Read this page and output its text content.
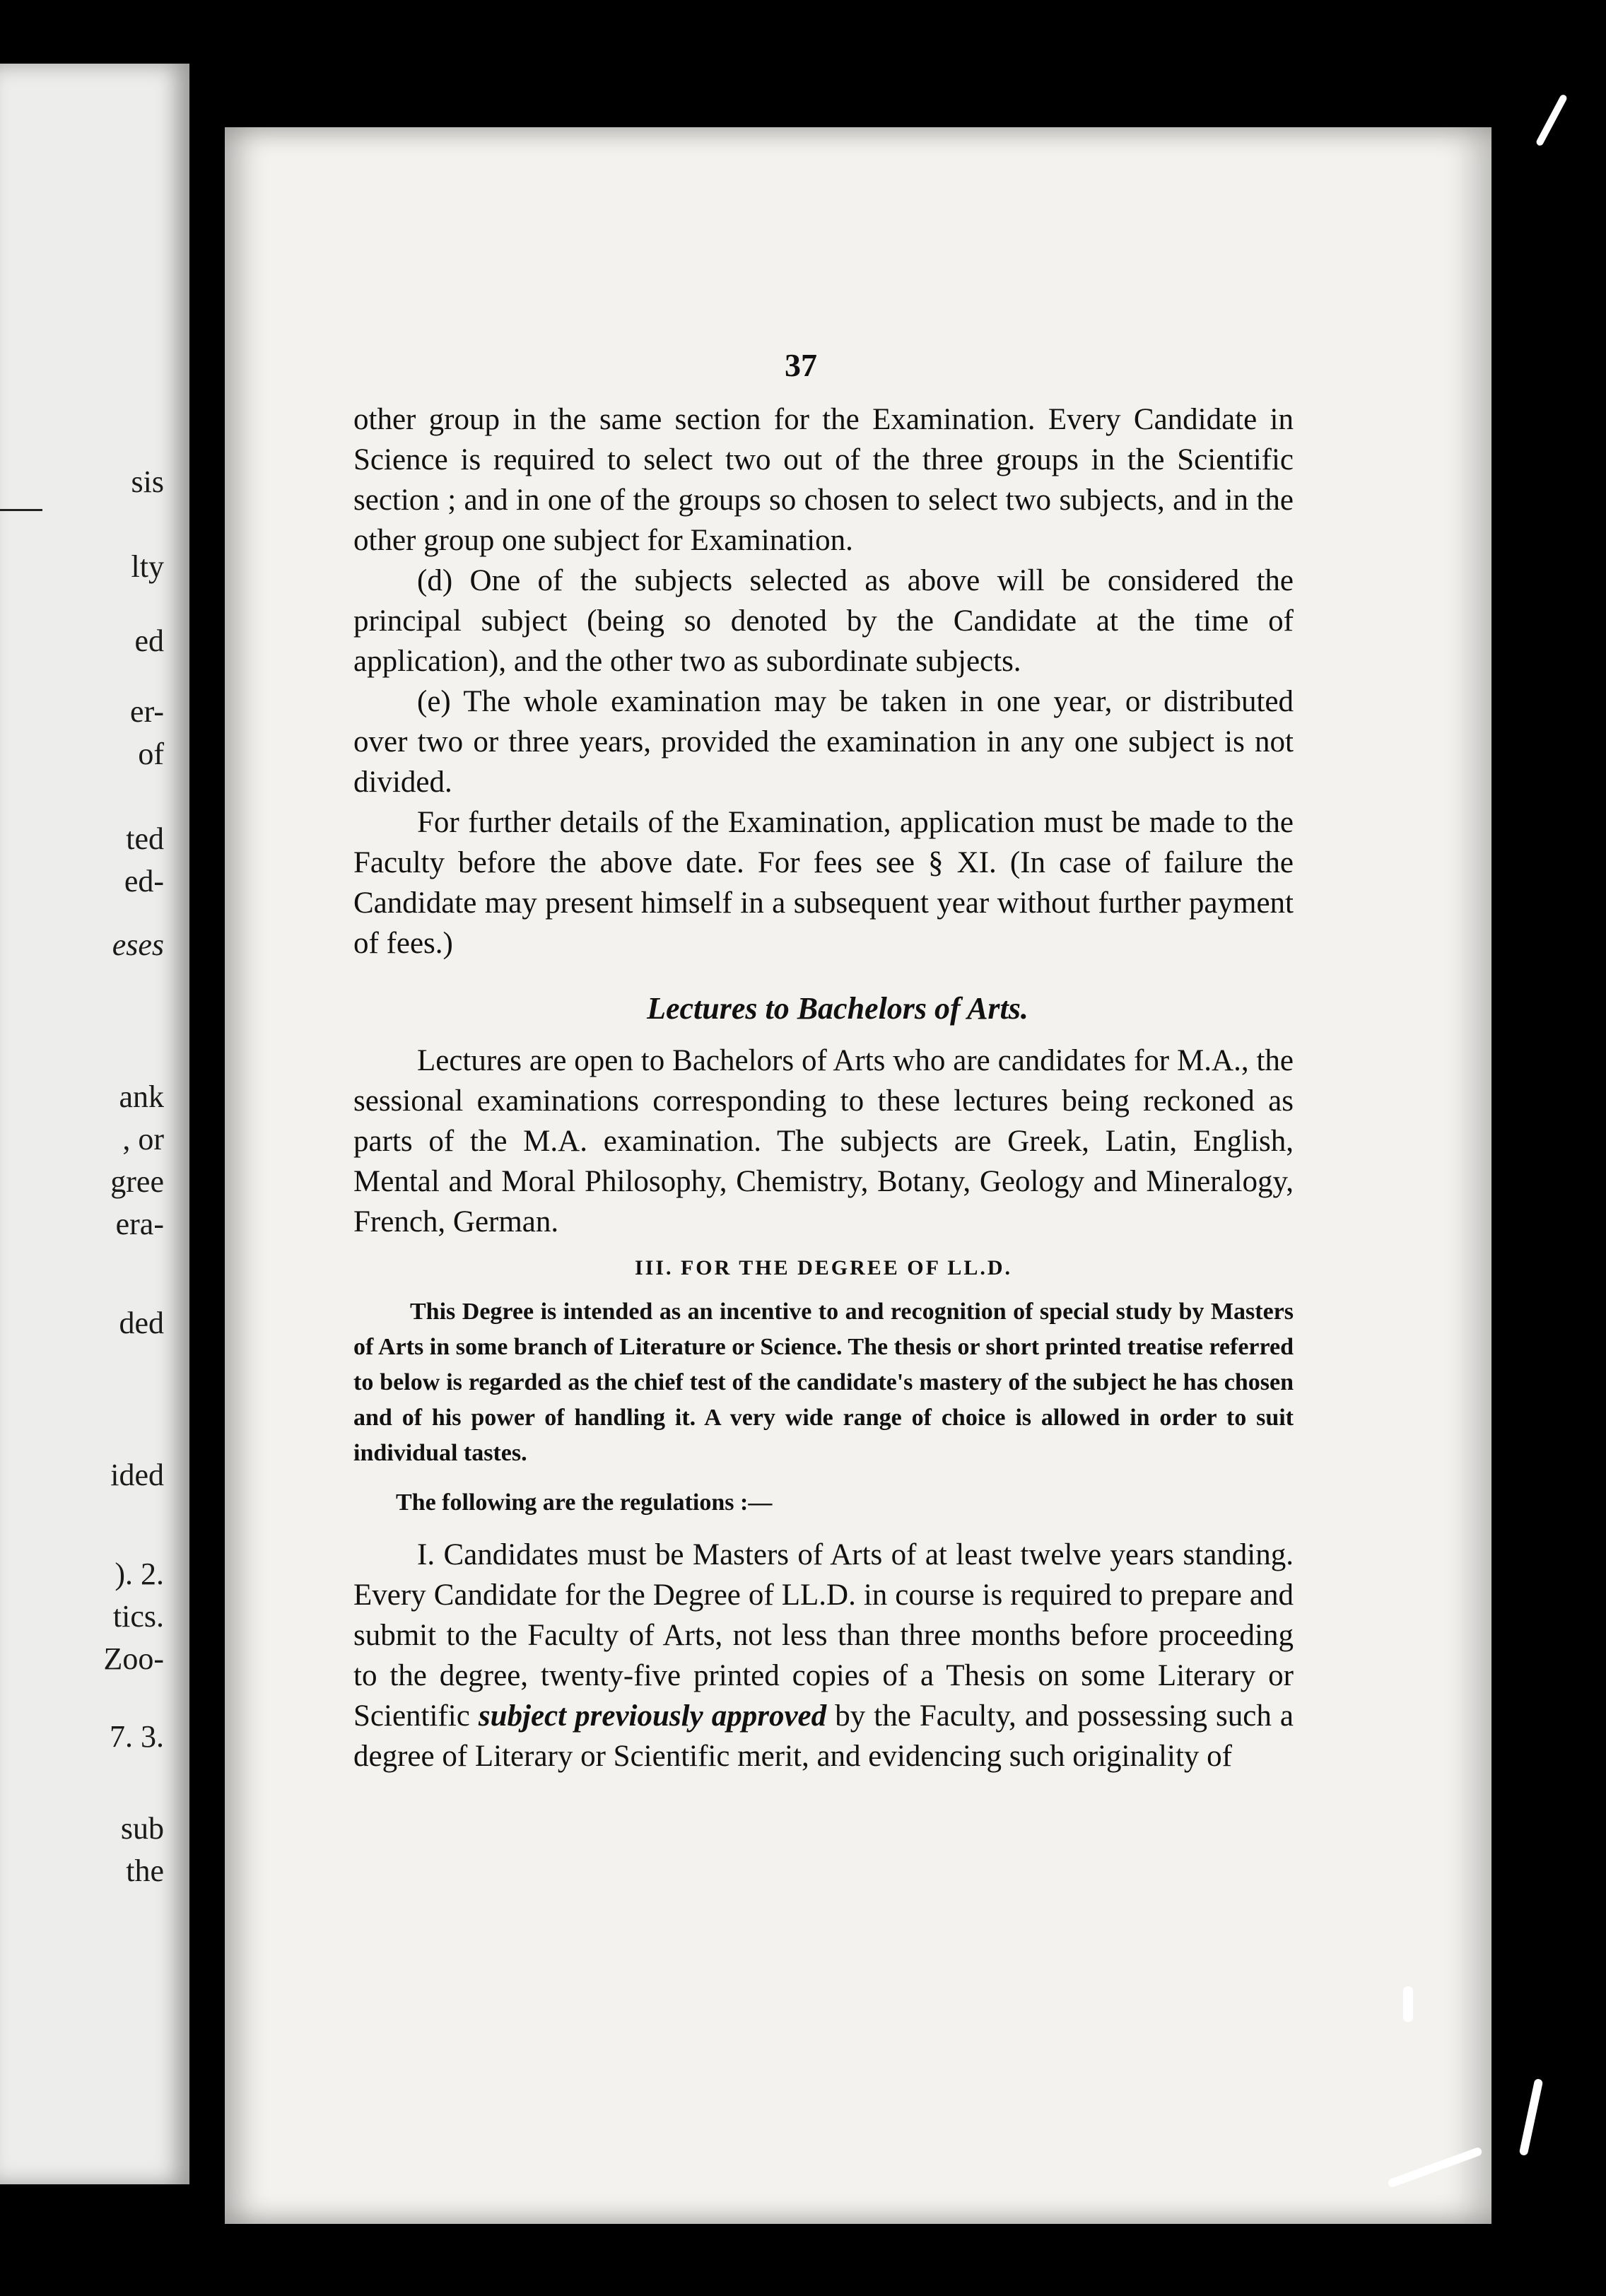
sis
lty
ed
er-
of
ted
ed-
eses
ank
, or
gree
era-
ded
ided
). 2.
tics.
Zoo-
7. 3.
sub
the
37

other group in the same section for the Examination. Every Candidate in Science is required to select two out of the three groups in the Scientific section ; and in one of the groups so chosen to select two subjects, and in the other group one subject for Examination.

(d) One of the subjects selected as above will be considered the principal subject (being so denoted by the Candidate at the time of application), and the other two as subordinate subjects.

(e) The whole examination may be taken in one year, or distributed over two or three years, provided the examination in any one subject is not divided.

For further details of the Examination, application must be made to the Faculty before the above date. For fees see § XI. (In case of failure the Candidate may present himself in a subsequent year without further payment of fees.)

Lectures to Bachelors of Arts.

Lectures are open to Bachelors of Arts who are candidates for M.A., the sessional examinations corresponding to these lectures being reckoned as parts of the M.A. examination. The subjects are Greek, Latin, English, Mental and Moral Philosophy, Chemistry, Botany, Geology and Mineralogy, French, German.

III. FOR THE DEGREE OF LL.D.

This Degree is intended as an incentive to and recognition of special study by Masters of Arts in some branch of Literature or Science. The thesis or short printed treatise referred to below is regarded as the chief test of the candidate's mastery of the subject he has chosen and of his power of handling it. A very wide range of choice is allowed in order to suit individual tastes.

The following are the regulations :—

I. Candidates must be Masters of Arts of at least twelve years standing. Every Candidate for the Degree of LL.D. in course is required to prepare and submit to the Faculty of Arts, not less than three months before proceeding to the degree, twenty-five printed copies of a Thesis on some Literary or Scientific subject previously approved by the Faculty, and possessing such a degree of Literary or Scientific merit, and evidencing such originality of
